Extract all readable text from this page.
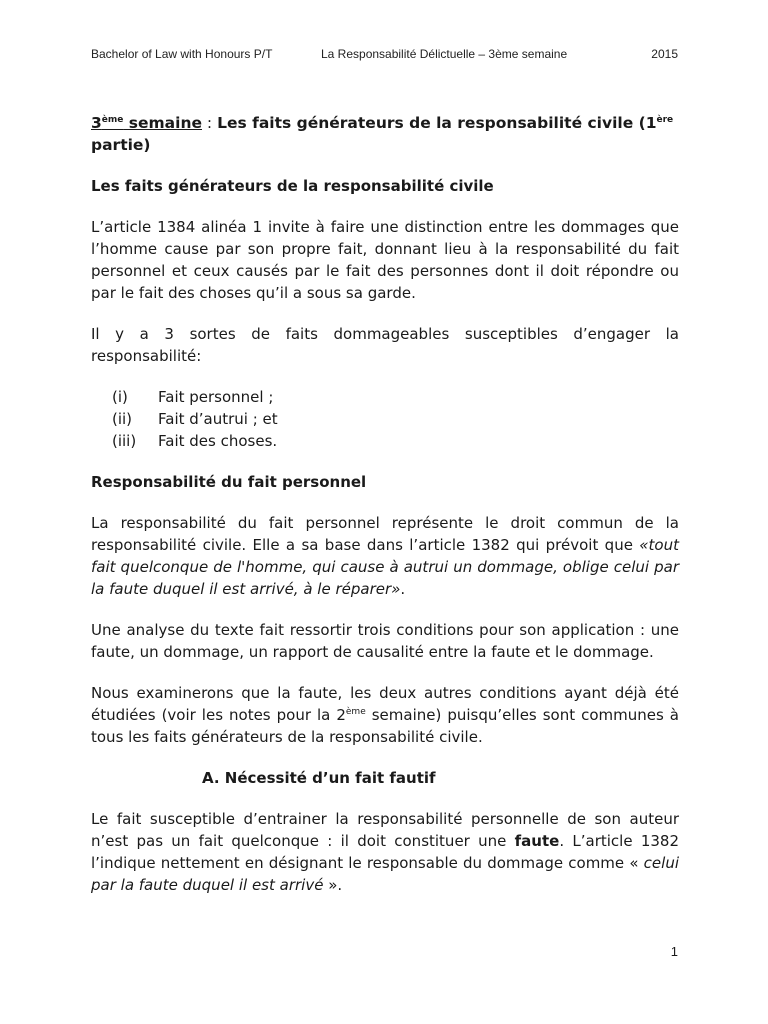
Bachelor of Law with Honours P/T	La Responsabilité Délictuelle – 3ème semaine	2015
3ème semaine : Les faits générateurs de la responsabilité civile (1ère partie)
Les faits générateurs de la responsabilité civile

L’article 1384 alinéa 1 invite à faire une distinction entre les dommages que l’homme cause par son propre fait, donnant lieu à la responsabilité du fait personnel et ceux causés par le fait des personnes dont il doit répondre ou par le fait des choses qu’il a sous sa garde.

Il y a 3 sortes de faits dommageables susceptibles d’engager la responsabilité:

(i)	Fait personnel ;
(ii)	Fait d’autrui ; et
(iii)	Fait des choses.
Responsabilité du fait personnel

La responsabilité du fait personnel représente le droit commun de la responsabilité civile. Elle a sa base dans l’article 1382 qui prévoit que «tout fait quelconque de l'homme, qui cause à autrui un dommage, oblige celui par la faute duquel il est arrivé, à le réparer».

Une analyse du texte fait ressortir trois conditions pour son application : une faute, un dommage, un rapport de causalité entre la faute et le dommage.

Nous examinerons que la faute, les deux autres conditions ayant déjà été étudiées (voir les notes pour la 2ème semaine) puisqu’elles sont communes à tous les faits générateurs de la responsabilité civile.

A. Nécessité d’un fait fautif

Le fait susceptible d’entrainer la responsabilité personnelle de son auteur n’est pas un fait quelconque : il doit constituer une faute. L’article 1382 l’indique nettement en désignant le responsable du dommage comme « celui par la faute duquel il est arrivé ».

1
